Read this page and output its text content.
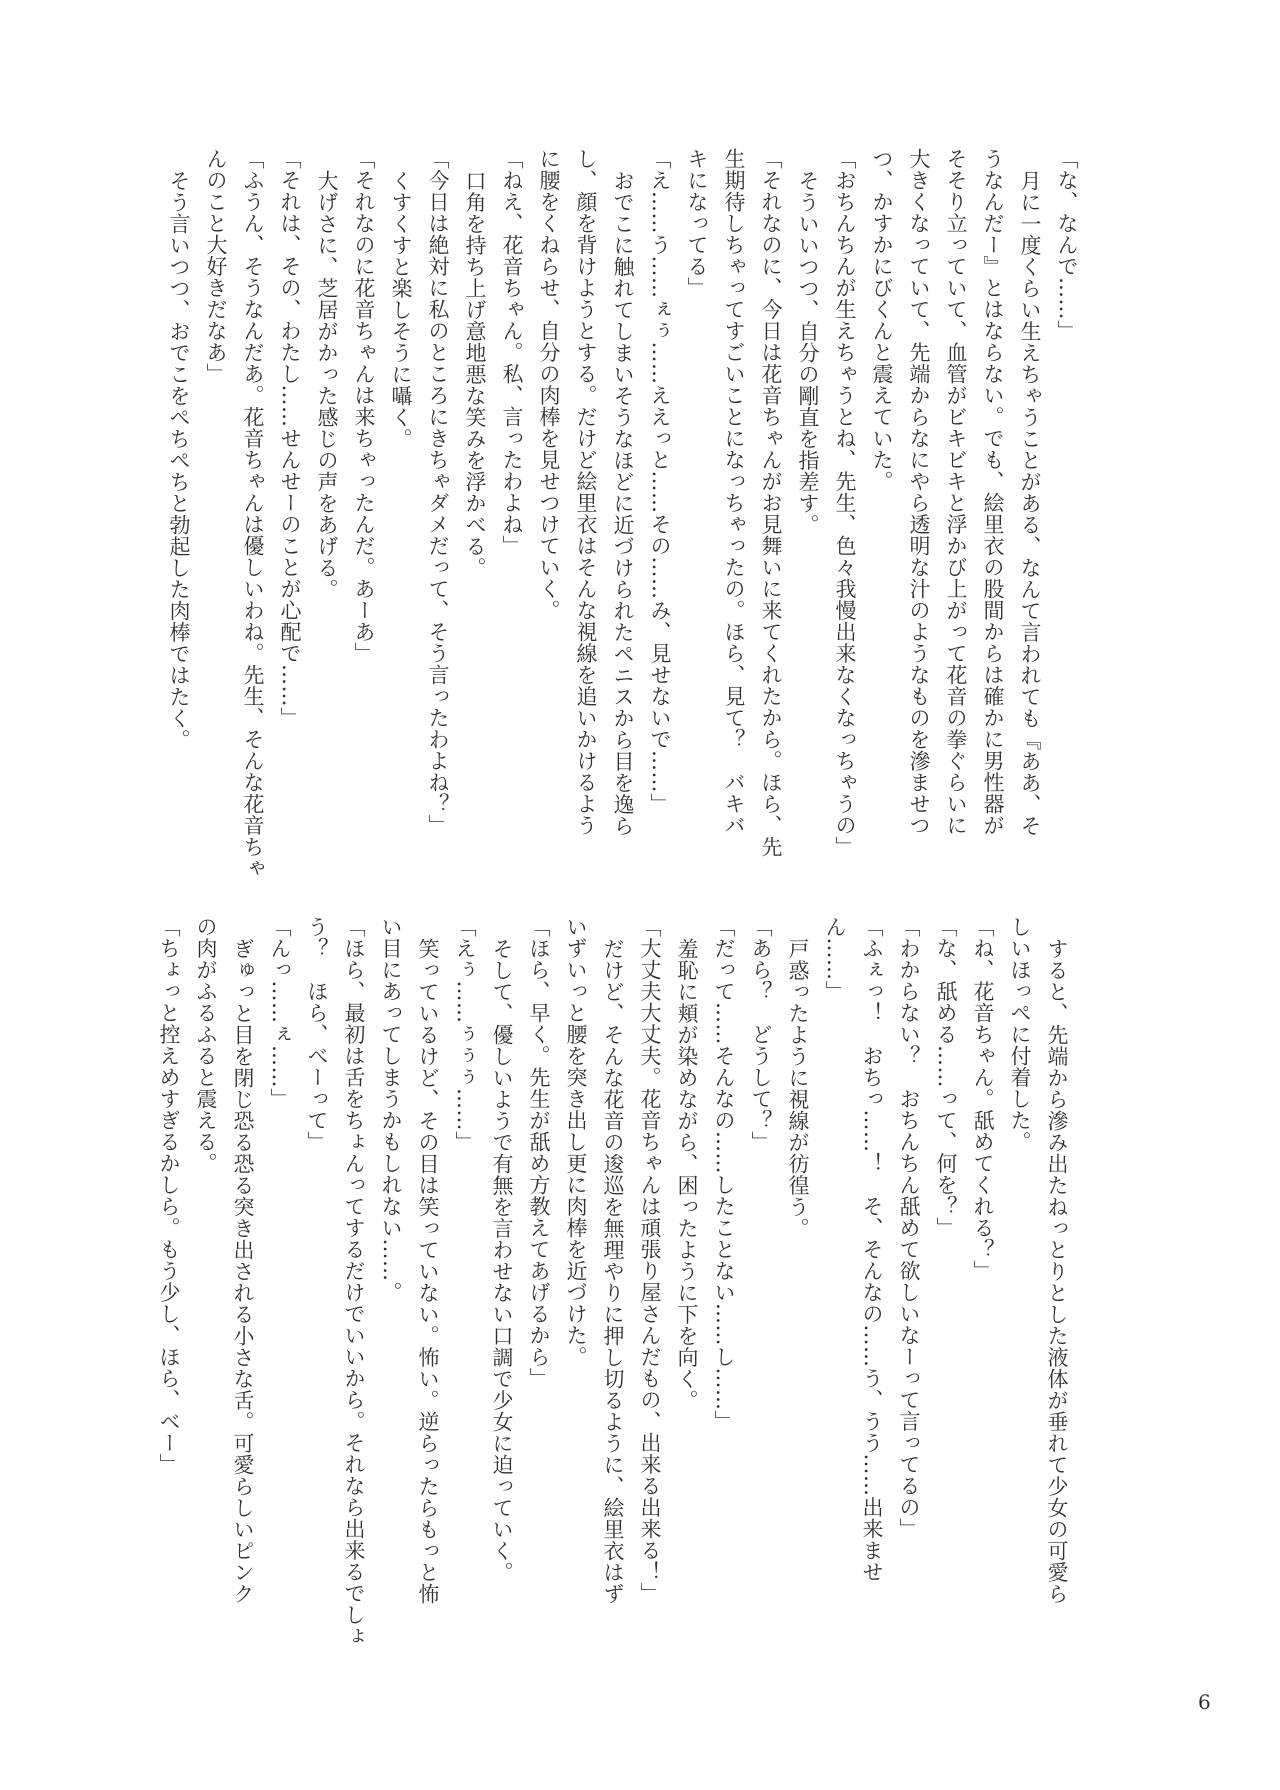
「な、なんで……」
月に一度くらい生えちゃうことがある、なんて言われても『ああ、そ
うなんだー』とはならない。でも、絵里衣の股間からは確かに男性器が
そそり立っていて、血管がビキビキと浮かび上がって花音の拳ぐらいに
大きくなっていて、先端からなにやら透明な汁のようなものを滲ませつ
つ、かすかにびくんと震えていた。
「おちんちんが生えちゃうとね、先生、色々我慢出来なくなっちゃうの」
そういいつつ、自分の剛直を指差す。
「それなのに、今日は花音ちゃんがお見舞いに来てくれたから。ほら、先
生期待しちゃってすごいことになっちゃったの。ほら、見て？　バキバ
キになってる」
「え……う……ぇぅ……ええっと……その……み、見せないで……」
おでこに触れてしまいそうなほどに近づけられたペニスから目を逸ら
し、顔を背けようとする。だけど絵里衣はそんな視線を追いかけるよう
に腰をくねらせ、自分の肉棒を見せつけていく。
「ねえ、花音ちゃん。私、言ったわよね」
口角を持ち上げ意地悪な笑みを浮かべる。
「今日は絶対に私のところにきちゃダメだって、そう言ったわよね？」
くすくすと楽しそうに囁く。
「それなのに花音ちゃんは来ちゃったんだ。あーあ」
大げさに、芝居がかった感じの声をあげる。
「それは、その、わたし……せんせーのことが心配で……」
「ふうん、そうなんだあ。花音ちゃんは優しいわね。先生、そんな花音ちゃ
んのこと大好きだなあ」
そう言いつつ、おでこをぺちぺちと勃起した肉棒ではたく。
すると、先端から滲み出たねっとりとした液体が垂れて少女の可愛ら
しいほっぺに付着した。
「ね、花音ちゃん。舐めてくれる？」
「な、舐める……って、何を？」
「わからない？　おちんちん舐めて欲しいなーって言ってるの」
「ふぇっ！　おちっ……！　そ、そんなの……う、うう……出来ませ
ん……」
戸惑ったように視線が彷徨う。
「あら？　どうして？」
「だって……そんなの……したことない……し……」
羞恥に頬が染めながら、困ったように下を向く。
「大丈夫大丈夫。花音ちゃんは頑張り屋さんだもの、出来る出来る！」
だけど、そんな花音の逡巡を無理やりに押し切るように、絵里衣はず
いずいっと腰を突き出し更に肉棒を近づけた。
「ほら、早く。先生が舐め方教えてあげるから」
そして、優しいようで有無を言わせない口調で少女に迫っていく。
「えぅ……ぅぅぅ……」
笑っているけど、その目は笑っていない。怖い。逆らったらもっと怖
い目にあってしまうかもしれない……。
「ほら、最初は舌をちょんってするだけでいいから。それなら出来るでしょ
う？　ほら、べーって」
「んっ……ぇ……」
ぎゅっと目を閉じ恐る恐る突き出される小さな舌。可愛らしいピンク
の肉がふるふると震える。
「ちょっと控えめすぎるかしら。もう少し、ほら、ベー」
6
